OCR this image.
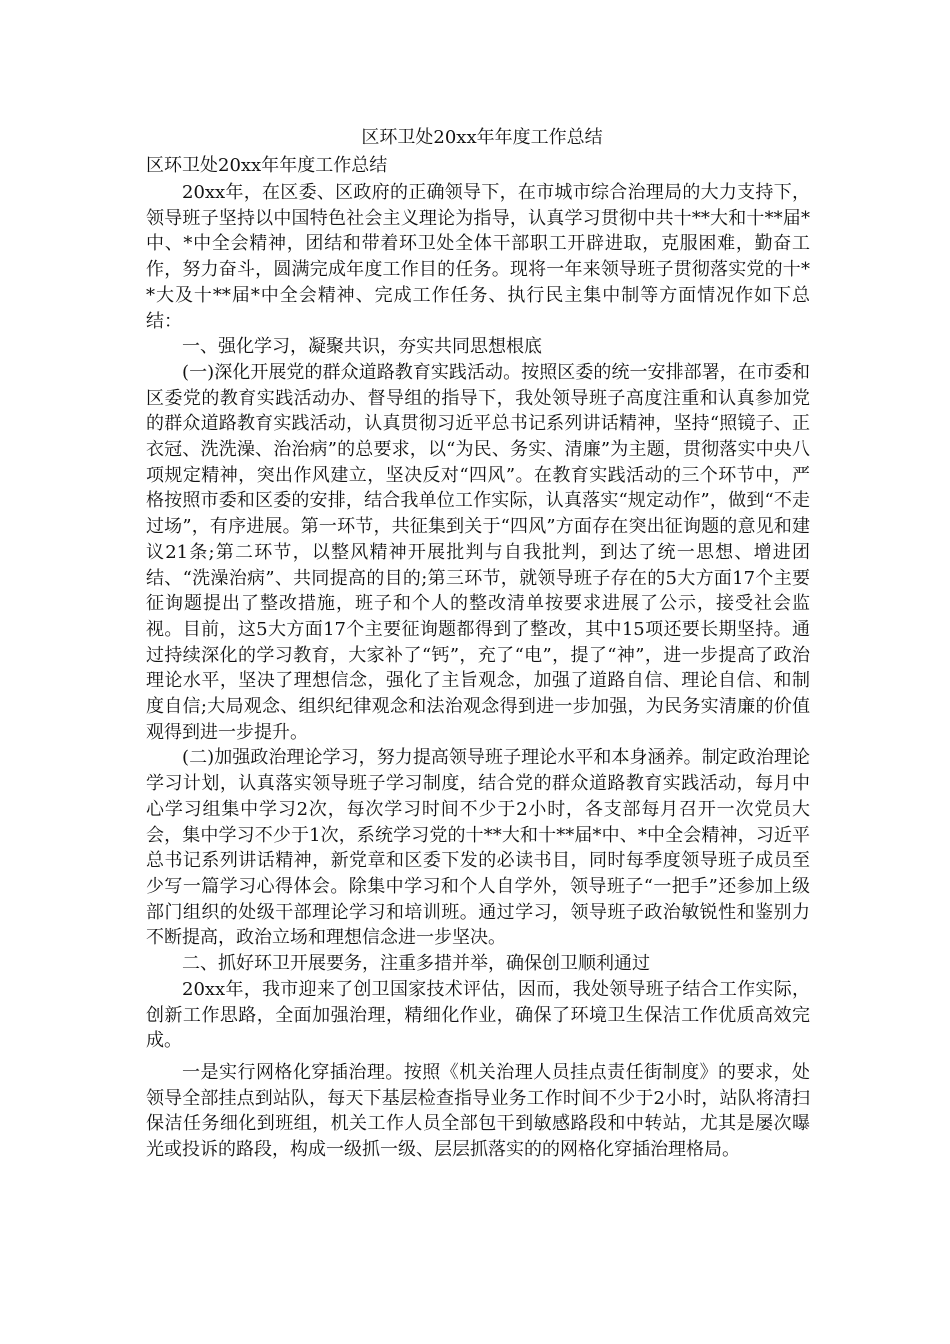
区环卫处20xx年年度工作总结

区环卫处20xx年年度工作总结

20xx年，在区委、区政府的正确领导下，在市城市综合治理局的大力支持下，领导班子坚持以中国特色社会主义理论为指导，认真学习贯彻中共十**大和十**届*中、*中全会精神，团结和带着环卫处全体干部职工开辟进取，克服困难，勤奋工作，努力奋斗，圆满完成年度工作目的任务。现将一年来领导班子贯彻落实党的十**大及十**届*中全会精神、完成工作任务、执行民主集中制等方面情况作如下总结：

一、强化学习，凝聚共识，夯实共同思想根底

(一)深化开展党的群众道路教育实践活动。按照区委的统一安排部署，在市委和区委党的教育实践活动办、督导组的指导下，我处领导班子高度注重和认真参加党的群众道路教育实践活动，认真贯彻习近平总书记系列讲话精神，坚持“照镜子、正衣冠、洗洗澡、治治病”的总要求，以“为民、务实、清廉”为主题，贯彻落实中央八项规定精神，突出作风建立，坚决反对“四风”。在教育实践活动的三个环节中，严格按照市委和区委的安排，结合我单位工作实际，认真落实“规定动作”，做到“不走过场”，有序进展。第一环节，共征集到关于“四风”方面存在突出征询题的意见和建议21条;第二环节，以整风精神开展批判与自我批判，到达了统一思想、增进团结、“洗澡治病”、共同提高的目的;第三环节，就领导班子存在的5大方面17个主要征询题提出了整改措施，班子和个人的整改清单按要求进展了公示，接受社会监视。目前，这5大方面17个主要征询题都得到了整改，其中15项还要长期坚持。通过持续深化的学习教育，大家补了“钙”，充了“电”，提了“神”，进一步提高了政治理论水平，坚决了理想信念，强化了主旨观念，加强了道路自信、理论自信、和制度自信;大局观念、组织纪律观念和法治观念得到进一步加强，为民务实清廉的价值观得到进一步提升。

(二)加强政治理论学习，努力提高领导班子理论水平和本身涵养。制定政治理论学习计划，认真落实领导班子学习制度，结合党的群众道路教育实践活动，每月中心学习组集中学习2次，每次学习时间不少于2小时，各支部每月召开一次党员大会，集中学习不少于1次，系统学习党的十**大和十**届*中、*中全会精神，习近平总书记系列讲话精神，新党章和区委下发的必读书目，同时每季度领导班子成员至少写一篇学习心得体会。除集中学习和个人自学外，领导班子“一把手”还参加上级部门组织的处级干部理论学习和培训班。通过学习，领导班子政治敏锐性和鉴别力不断提高，政治立场和理想信念进一步坚决。

二、抓好环卫开展要务，注重多措并举，确保创卫顺利通过

20xx年，我市迎来了创卫国家技术评估，因而，我处领导班子结合工作实际，创新工作思路，全面加强治理，精细化作业，确保了环境卫生保洁工作优质高效完成。

一是实行网格化穿插治理。按照《机关治理人员挂点责任街制度》的要求，处领导全部挂点到站队，每天下基层检查指导业务工作时间不少于2小时，站队将清扫保洁任务细化到班组，机关工作人员全部包干到敏感路段和中转站，尤其是屡次曝光或投诉的路段，构成一级抓一级、层层抓落实的的网格化穿插治理格局。
